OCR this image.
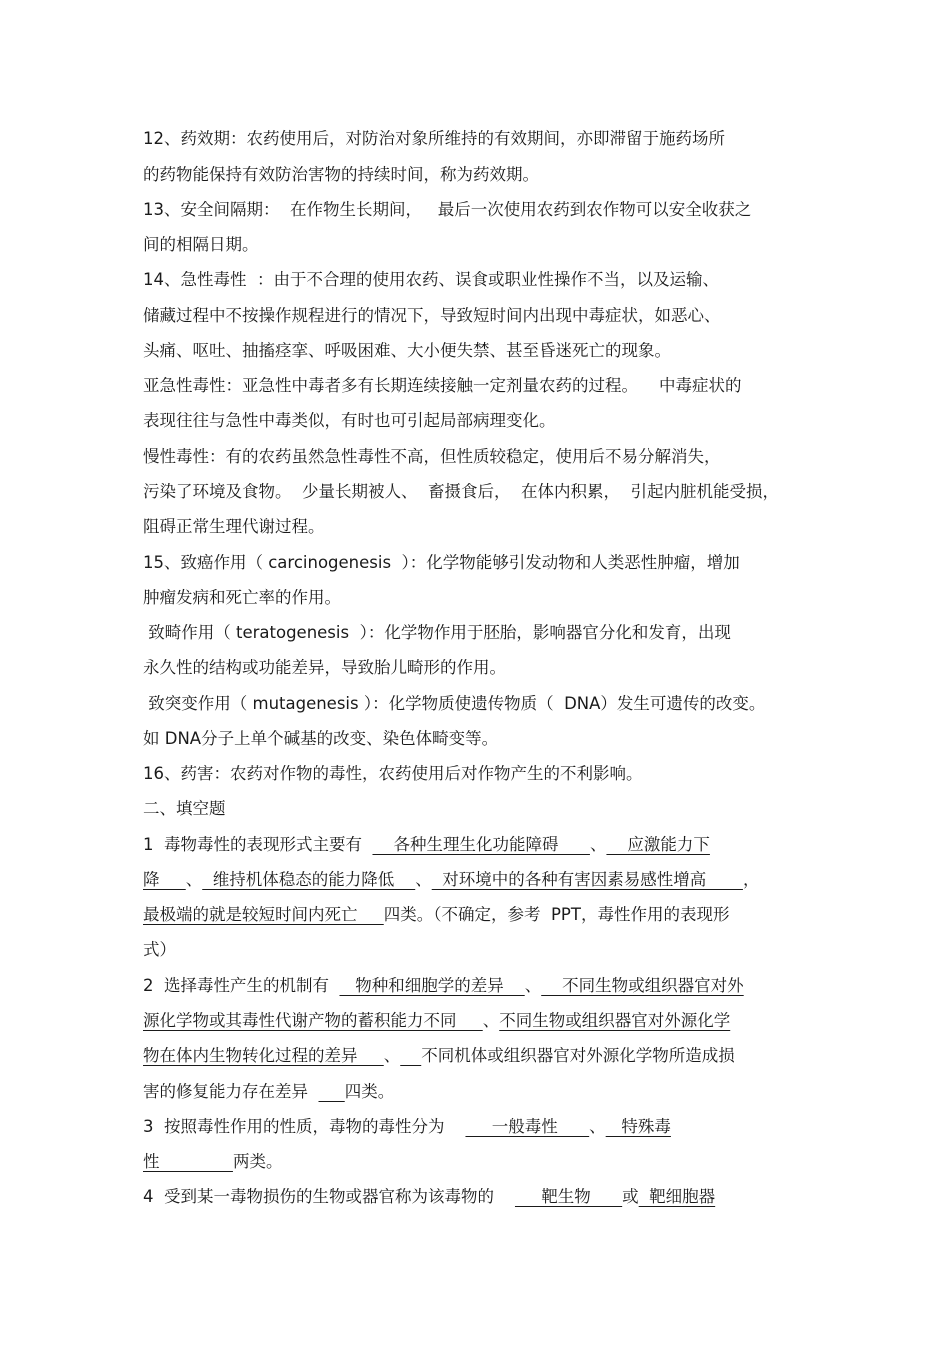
12、药效期：农药使用后，对防治对象所维持的有效期间，亦即滞留于施药场所
的药物能保持有效防治害物的持续时间，称为药效期。
13、安全间隔期：  在作物生长期间，   最后一次使用农药到农作物可以安全收获之
间的相隔日期。
14、急性毒性  ：由于不合理的使用农药、误食或职业性操作不当，以及运输、
储藏过程中不按操作规程进行的情况下，导致短时间内出现中毒症状，如恶心、
头痛、呕吐、抽搐痉挛、呼吸困难、大小便失禁、甚至昏迷死亡的现象。
亚急性毒性：亚急性中毒者多有长期连续接触一定剂量农药的过程。    中毒症状的
表现往往与急性中毒类似，有时也可引起局部病理变化。
慢性毒性：有的农药虽然急性毒性不高，但性质较稳定，使用后不易分解消失，
污染了环境及食物。  少量长期被人、  畜摄食后，  在体内积累，  引起内脏机能受损，
阻碍正常生理代谢过程。
15、致癌作用（ carcinogenesis  ）：化学物能够引发动物和人类恶性肿瘤，增加
肿瘤发病和死亡率的作用。
致畸作用（ teratogenesis  ）：化学物作用于胚胎，影响器官分化和发育，出现
永久性的结构或功能差异，导致胎儿畸形的作用。
致突变作用（ mutagenesis ）：化学物质使遗传物质（  DNA）发生可遗传的改变。
如 DNA分子上单个碱基的改变、染色体畸变等。
16、药害：农药对作物的毒性，农药使用后对作物产生的不利影响。
二、填空题
1  毒物毒性的表现形式主要有      各种生理生化功能障碍      、    应激能力下
降     、  维持机体稳态的能力降低    、  对环境中的各种有害因素易感性增高       ，
最极端的就是较短时间内死亡     四类。（不确定，参考  PPT，毒性作用的表现形
式）
2  选择毒性产生的机制有     物种和细胞学的差异    、    不同生物或组织器官对外
源化学物或其毒性代谢产物的蓄积能力不同     、不同生物或组织器官对外源化学
物在体内生物转化过程的差异     、 不同机体或组织器官对外源化学物所造成损
害的修复能力存在差异       四类。
3  按照毒性作用的性质，毒物的毒性分为         一般毒性      、   特殊毒
性              两类。
4  受到某一毒物损伤的生物或器官称为该毒物的         靶生物      或  靶细胞器
